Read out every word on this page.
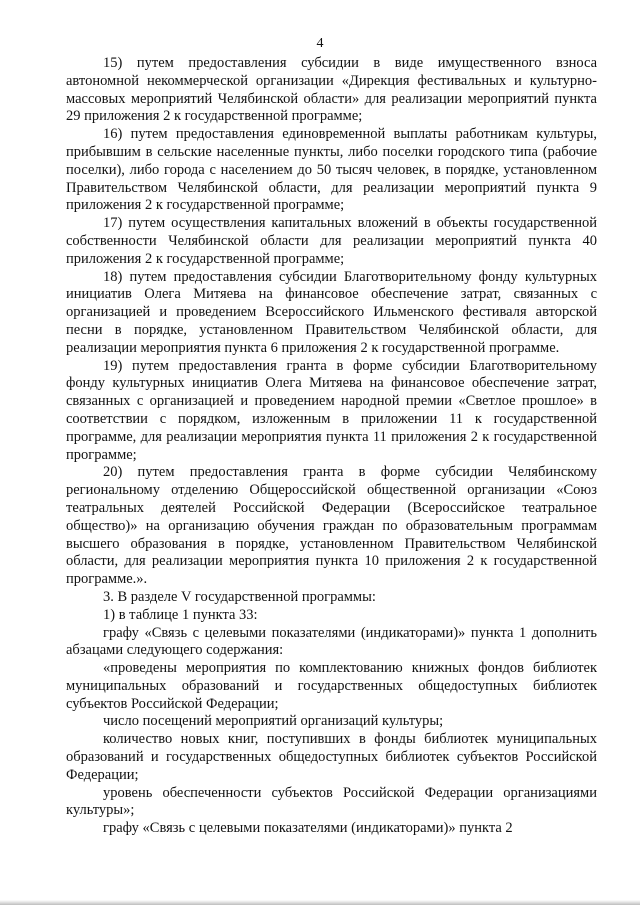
4

15) путем предоставления субсидии в виде имущественного взноса автономной некоммерческой организации «Дирекция фестивальных и культурно-массовых мероприятий Челябинской области» для реализации мероприятий пункта 29 приложения 2 к государственной программе;

16) путем предоставления единовременной выплаты работникам культуры, прибывшим в сельские населенные пункты, либо поселки городского типа (рабочие поселки), либо города с населением до 50 тысяч человек, в порядке, установленном Правительством Челябинской области, для реализации мероприятий пункта 9 приложения 2 к государственной программе;

17) путем осуществления капитальных вложений в объекты государственной собственности Челябинской области для реализации мероприятий пункта 40 приложения 2 к государственной программе;

18) путем предоставления субсидии Благотворительному фонду культурных инициатив Олега Митяева на финансовое обеспечение затрат, связанных с организацией и проведением Всероссийского Ильменского фестиваля авторской песни в порядке, установленном Правительством Челябинской области, для реализации мероприятия пункта 6 приложения 2 к государственной программе.

19) путем предоставления гранта в форме субсидии Благотворительному фонду культурных инициатив Олега Митяева на финансовое обеспечение затрат, связанных с организацией и проведением народной премии «Светлое прошлое» в соответствии с порядком, изложенным в приложении 11 к государственной программе, для реализации мероприятия пункта 11 приложения 2 к государственной программе;

20) путем предоставления гранта в форме субсидии Челябинскому региональному отделению Общероссийской общественной организации «Союз театральных деятелей Российской Федерации (Всероссийское театральное общество)» на организацию обучения граждан по образовательным программам высшего образования в порядке, установленном Правительством Челябинской области, для реализации мероприятия пункта 10 приложения 2 к государственной программе.».

3. В разделе V государственной программы:

1) в таблице 1 пункта 33:

графу «Связь с целевыми показателями (индикаторами)» пункта 1 дополнить абзацами следующего содержания:

«проведены мероприятия по комплектованию книжных фондов библиотек муниципальных образований и государственных общедоступных библиотек субъектов Российской Федерации;

число посещений мероприятий организаций культуры;

количество новых книг, поступивших в фонды библиотек муниципальных образований и государственных общедоступных библиотек субъектов Российской Федерации;

уровень обеспеченности субъектов Российской Федерации организациями культуры»;

графу «Связь с целевыми показателями (индикаторами)» пункта 2
